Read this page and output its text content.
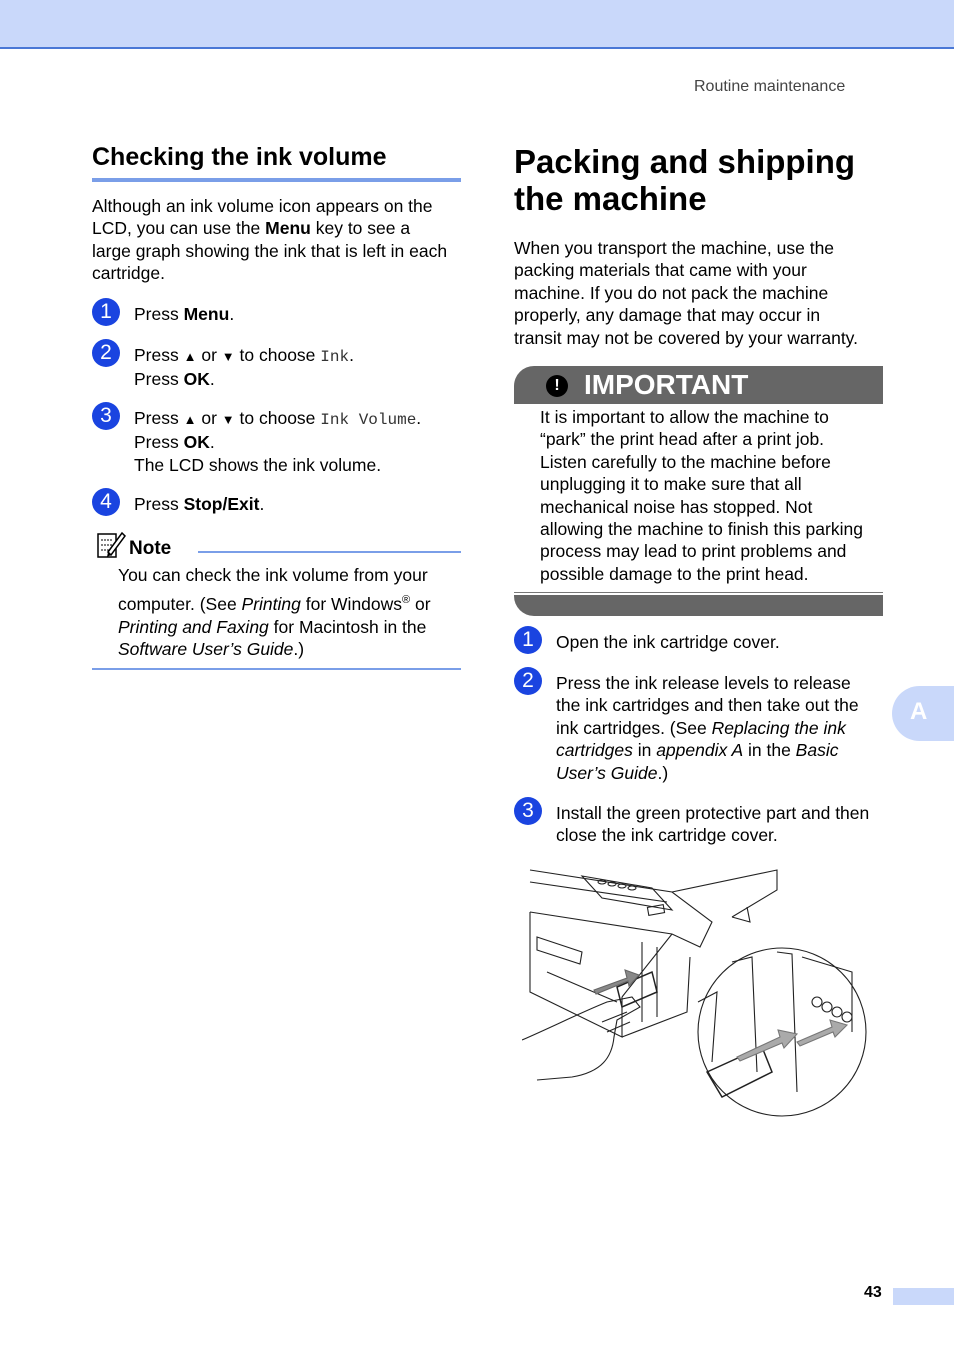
Routine maintenance
Checking the ink volume
Although an ink volume icon appears on the
LCD, you can use the Menu key to see a
large graph showing the ink that is left in each
cartridge.
1	Press Menu.
2	Press ▲ or ▼ to choose Ink.
Press OK.
3	Press ▲ or ▼ to choose Ink Volume.
Press OK.
The LCD shows the ink volume.
4	Press Stop/Exit.
Note
You can check the ink volume from your
computer. (See Printing for Windows® or
Printing and Faxing for Macintosh in the
Software User’s Guide.)
Packing and shipping
the machine
When you transport the machine, use the
packing materials that came with your
machine. If you do not pack the machine
properly, any damage that may occur in
transit may not be covered by your warranty.
! IMPORTANT
It is important to allow the machine to
“park” the print head after a print job.
Listen carefully to the machine before
unplugging it to make sure that all
mechanical noise has stopped. Not
allowing the machine to finish this parking
process may lead to print problems and
possible damage to the print head.
1	Open the ink cartridge cover.
2	Press the ink release levels to release
the ink cartridges and then take out the
ink cartridges. (See Replacing the ink
cartridges in appendix A in the Basic
User’s Guide.)
3	Install the green protective part and then
close the ink cartridge cover.
A
43
